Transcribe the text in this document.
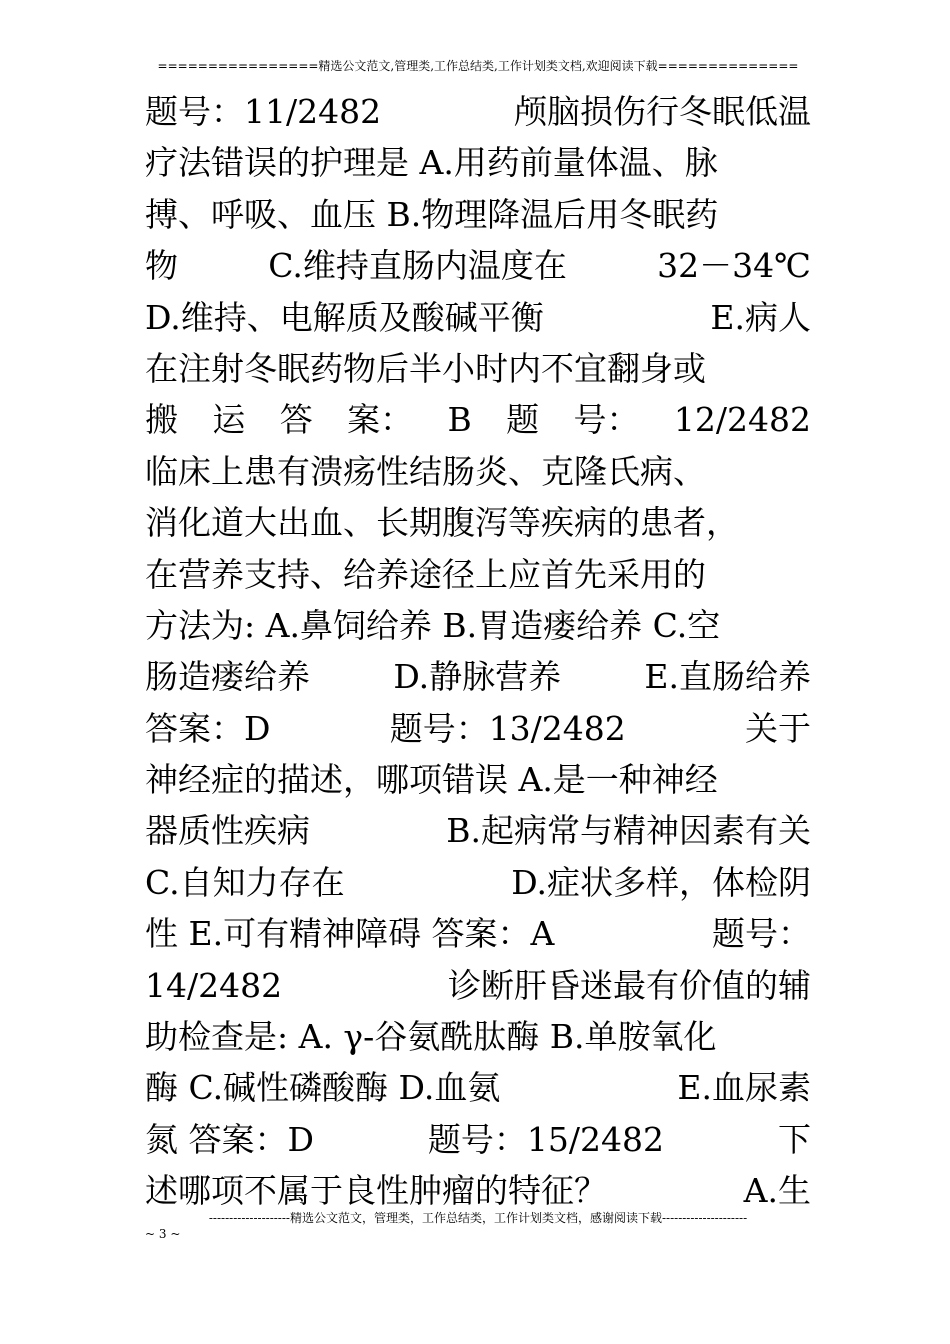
================精选公文范文,管理类,工作总结类,工作计划类文档,欢迎阅读下载==============
题号：11/2482	颅脑损伤行冬眠低温
疗法错误的护理是 A.用药前量体温、脉
搏、呼吸、血压 B.物理降温后用冬眠药
物	C.维持直肠内温度在	32－34℃
D.维持、电解质及酸碱平衡	E.病人
在注射冬眠药物后半小时内不宜翻身或
搬 运 答 案： B 题 号： 12/2482
临床上患有溃疡性结肠炎、克隆氏病、
消化道大出血、长期腹泻等疾病的患者，
在营养支持、给养途径上应首先采用的
方法为: A.鼻饲给养 B.胃造瘘给养 C.空
肠造瘘给养	D.静脉营养	E.直肠给养
答案：D	题号：13/2482	关于
神经症的描述，哪项错误 A.是一种神经
器质性疾病	B.起病常与精神因素有关
C.自知力存在	D.症状多样，体检阴
性 E.可有精神障碍 答案：A	题号：
14/2482	诊断肝昏迷最有价值的辅
助检查是: A. γ-谷氨酰肽酶 B.单胺氧化
酶 C.碱性磷酸酶 D.血氨	E.血尿素
氮 答案：D	题号：15/2482	下
述哪项不属于良性肿瘤的特征？	A.生
--------------------精选公文范文，管理类，工作总结类，工作计划类文档，感谢阅读下载---------------------
~ 3 ~
